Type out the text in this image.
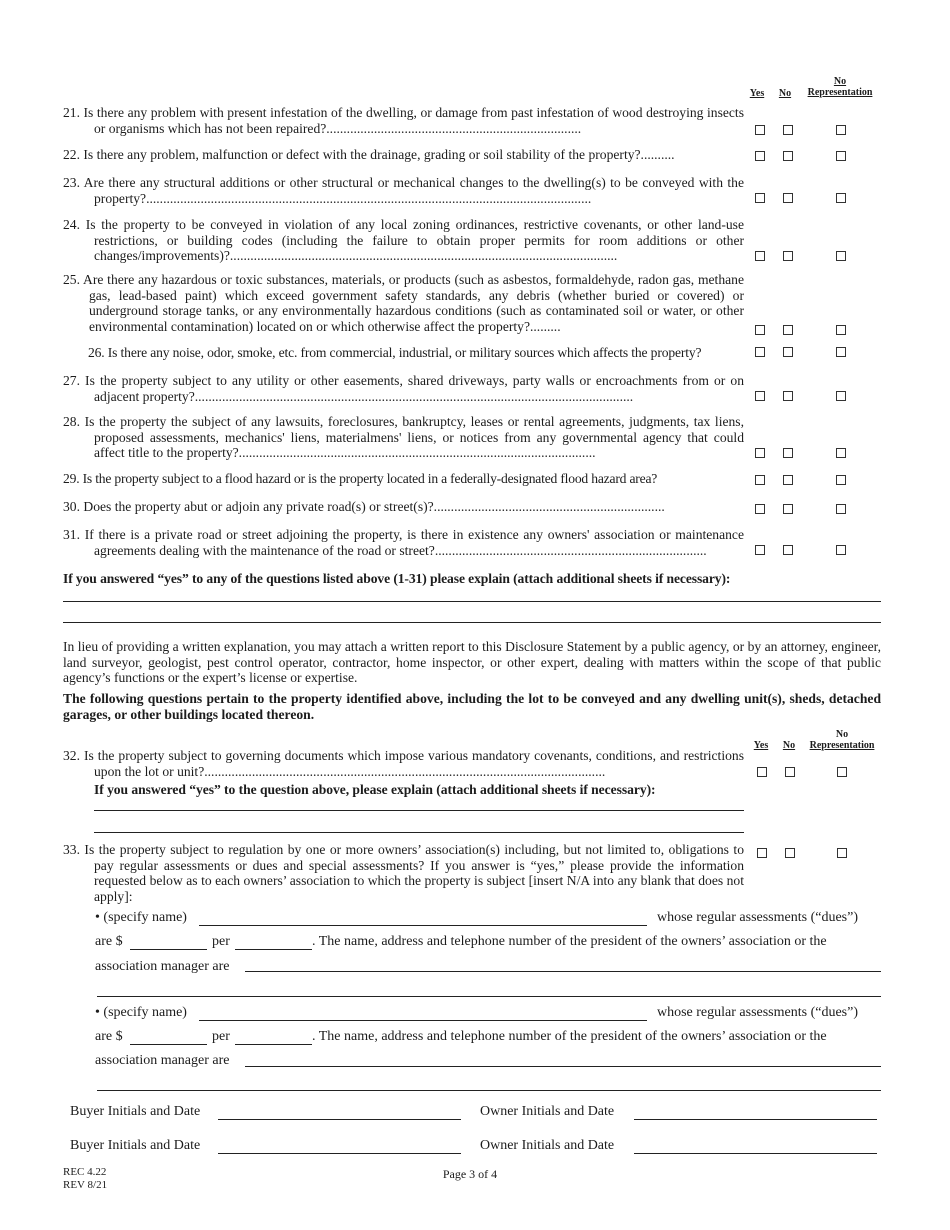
Yes No
No
Representation
21. Is there any problem with present infestation of the dwelling, or damage from past infestation of wood destroying insects or organisms which has not been repaired?...........................................................................
22. Is there any problem, malfunction or defect with the drainage, grading or soil stability of the property?..........
23. Are there any structural additions or other structural or mechanical changes to the dwelling(s) to be conveyed with the property?...................................................................................................................................
24. Is the property to be conveyed in violation of any local zoning ordinances, restrictive covenants, or other land-use restrictions, or building codes (including the failure to obtain proper permits for room additions or other changes/improvements)?..................................................................................................................
25. Are there any hazardous or toxic substances, materials, or products (such as asbestos, formaldehyde, radon gas, methane gas, lead-based paint) which exceed government safety standards, any debris (whether buried or covered) or underground storage tanks, or any environmentally hazardous conditions (such as contaminated soil or water, or other environmental contamination) located on or which otherwise affect the property?.........
26. Is there any noise, odor, smoke, etc. from commercial, industrial, or military sources which affects the property?
27. Is the property subject to any utility or other easements, shared driveways, party walls or encroachments from or on adjacent property?.................................................................................................................................
28. Is the property the subject of any lawsuits, foreclosures, bankruptcy, leases or rental agreements, judgments, tax liens, proposed assessments, mechanics' liens, materialmens' liens, or notices from any governmental agency that could affect title to the property?.........................................................................................................
29. Is the property subject to a flood hazard or is the property located in a federally-designated flood hazard area?
30. Does the property abut or adjoin any private road(s) or street(s)?....................................................................
31. If there is a private road or street adjoining the property, is there in existence any owners' association or maintenance agreements dealing with the maintenance of the road or street?................................................................................
If you answered “yes” to any of the questions listed above (1-31) please explain (attach additional sheets if necessary):
In lieu of providing a written explanation, you may attach a written report to this Disclosure Statement by a public agency, or by an attorney, engineer, land surveyor, geologist, pest control operator, contractor, home inspector, or other expert, dealing with matters within the scope of that public agency’s functions or the expert’s license or expertise.
The following questions pertain to the property identified above, including the lot to be conveyed and any dwelling unit(s), sheds, detached garages, or other buildings located thereon.
Yes No
No
Representation
32. Is the property subject to governing documents which impose various mandatory covenants, conditions, and restrictions upon the lot or unit?......................................................................................................................
If you answered “yes” to the question above, please explain (attach additional sheets if necessary):
33. Is the property subject to regulation by one or more owners’ association(s) including, but not limited to, obligations to pay regular assessments or dues and special assessments? If you answer is “yes,” please provide the information requested below as to each owners’ association to which the property is subject [insert N/A into any blank that does not apply]:
• (specify name)	whose regular assessments (“dues”)
are $	per	. The name, address and telephone number of the president of the owners’ association or the
association manager are
• (specify name)	whose regular assessments (“dues”)
are $	per	. The name, address and telephone number of the president of the owners’ association or the
association manager are
Buyer Initials and Date	Owner Initials and Date
Buyer Initials and Date	Owner Initials and Date
REC 4.22
REV 8/21
Page 3 of 4
